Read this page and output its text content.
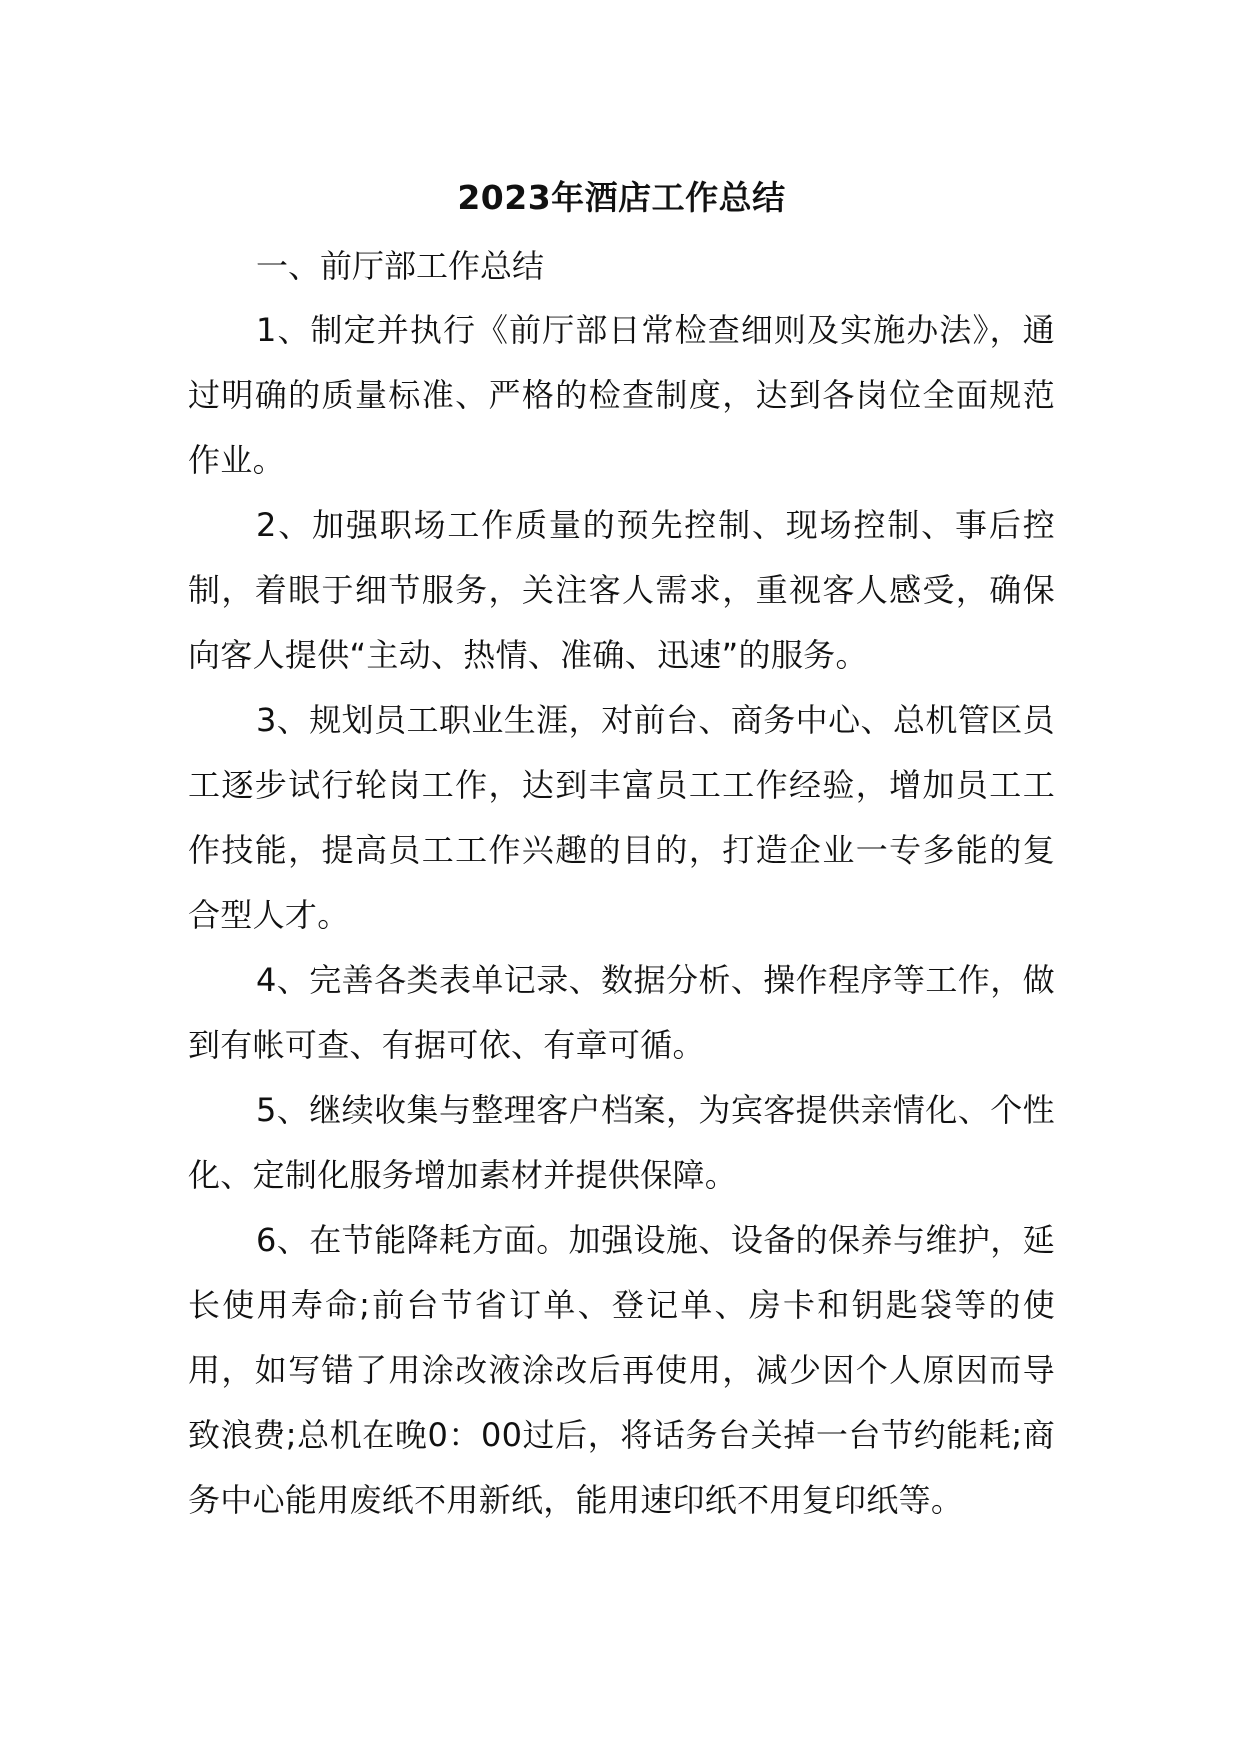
2023年酒店工作总结

一、前厅部工作总结

1、制定并执行《前厅部日常检查细则及实施办法》，通过明确的质量标准、严格的检查制度，达到各岗位全面规范作业。

2、加强职场工作质量的预先控制、现场控制、事后控制，着眼于细节服务，关注客人需求，重视客人感受，确保向客人提供“主动、热情、准确、迅速”的服务。

3、规划员工职业生涯，对前台、商务中心、总机管区员工逐步试行轮岗工作，达到丰富员工工作经验，增加员工工作技能，提高员工工作兴趣的目的，打造企业一专多能的复合型人才。

4、完善各类表单记录、数据分析、操作程序等工作，做到有帐可查、有据可依、有章可循。

5、继续收集与整理客户档案，为宾客提供亲情化、个性化、定制化服务增加素材并提供保障。

6、在节能降耗方面。加强设施、设备的保养与维护，延长使用寿命;前台节省订单、登记单、房卡和钥匙袋等的使用，如写错了用涂改液涂改后再使用，减少因个人原因而导致浪费;总机在晚0：00过后，将话务台关掉一台节约能耗;商务中心能用废纸不用新纸，能用速印纸不用复印纸等。
